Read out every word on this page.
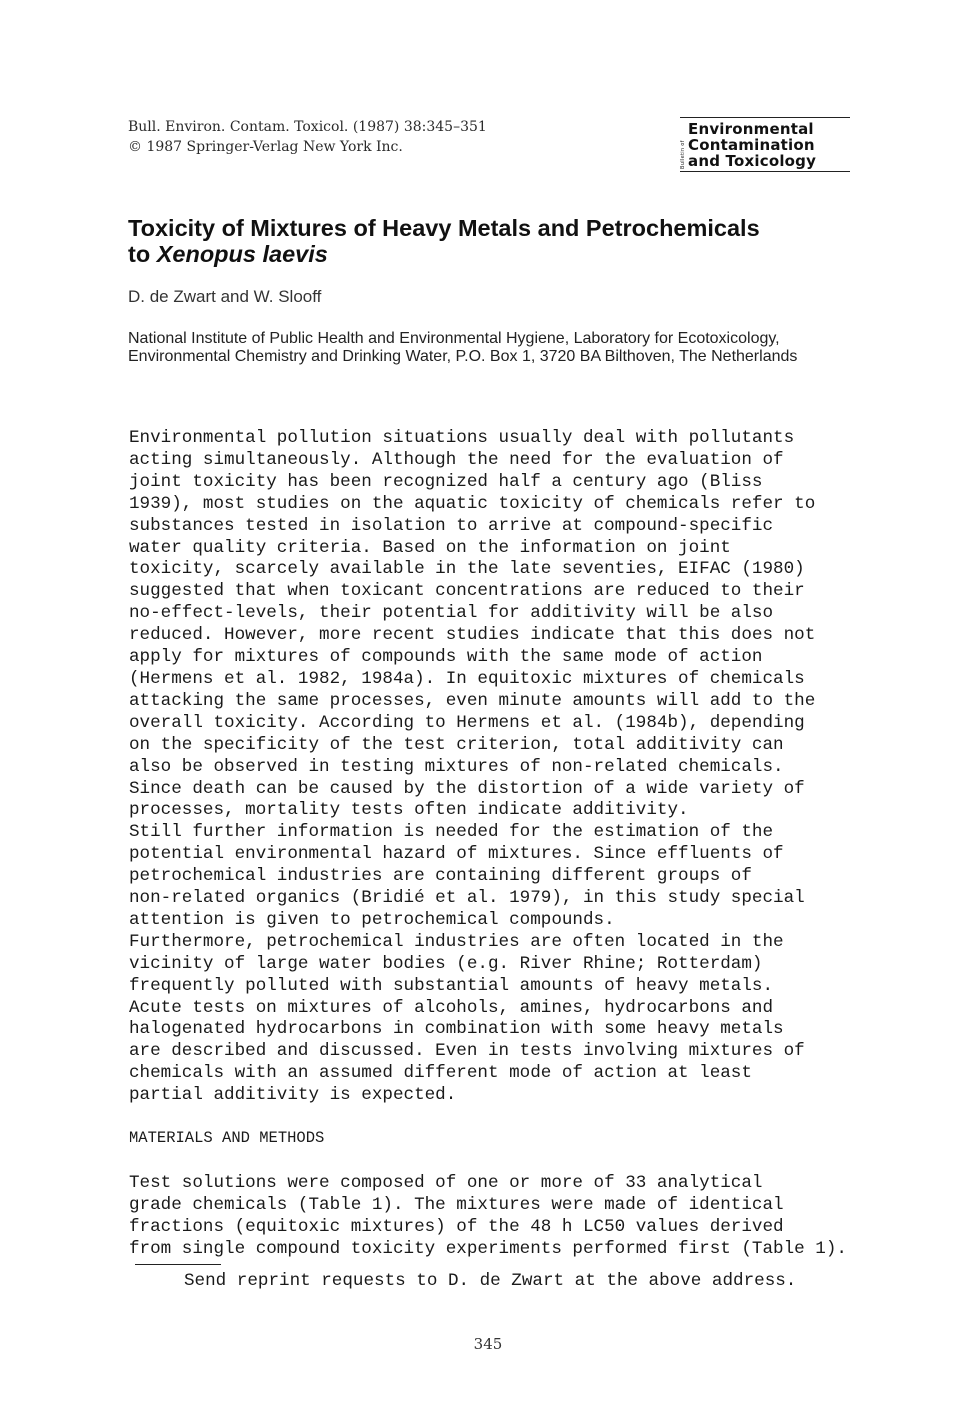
Bull. Environ. Contam. Toxicol. (1987) 38:345–351
© 1987 Springer-Verlag New York Inc.	Bulletin of
Environmental
Contamination
and Toxicology
Toxicity of Mixtures of Heavy Metals and Petrochemicals
to Xenopus laevis
D. de Zwart and W. Slooff
National Institute of Public Health and Environmental Hygiene, Laboratory for Ecotoxicology, Environmental Chemistry and Drinking Water, P.O. Box 1, 3720 BA Bilthoven, The Netherlands
Environmental pollution situations usually deal with pollutants
acting simultaneously. Although the need for the evaluation of
joint toxicity has been recognized half a century ago (Bliss
1939), most studies on the aquatic toxicity of chemicals refer to
substances tested in isolation to arrive at compound-specific
water quality criteria. Based on the information on joint
toxicity, scarcely available in the late seventies, EIFAC (1980)
suggested that when toxicant concentrations are reduced to their
no-effect-levels, their potential for additivity will be also
reduced. However, more recent studies indicate that this does not
apply for mixtures of compounds with the same mode of action
(Hermens et al. 1982, 1984a). In equitoxic mixtures of chemicals
attacking the same processes, even minute amounts will add to the
overall toxicity. According to Hermens et al. (1984b), depending
on the specificity of the test criterion, total additivity can
also be observed in testing mixtures of non-related chemicals.
Since death can be caused by the distortion of a wide variety of
processes, mortality tests often indicate additivity.
Still further information is needed for the estimation of the
potential environmental hazard of mixtures. Since effluents of
petrochemical industries are containing different groups of
non-related organics (Bridié et al. 1979), in this study special
attention is given to petrochemical compounds.
Furthermore, petrochemical industries are often located in the
vicinity of large water bodies (e.g. River Rhine; Rotterdam)
frequently polluted with substantial amounts of heavy metals.
Acute tests on mixtures of alcohols, amines, hydrocarbons and
halogenated hydrocarbons in combination with some heavy metals
are described and discussed. Even in tests involving mixtures of
chemicals with an assumed different mode of action at least
partial additivity is expected.
MATERIALS AND METHODS
Test solutions were composed of one or more of 33 analytical
grade chemicals (Table 1). The mixtures were made of identical
fractions (equitoxic mixtures) of the 48 h LC50 values derived
from single compound toxicity experiments performed first (Table 1).
Send reprint requests to D. de Zwart at the above address.
345
